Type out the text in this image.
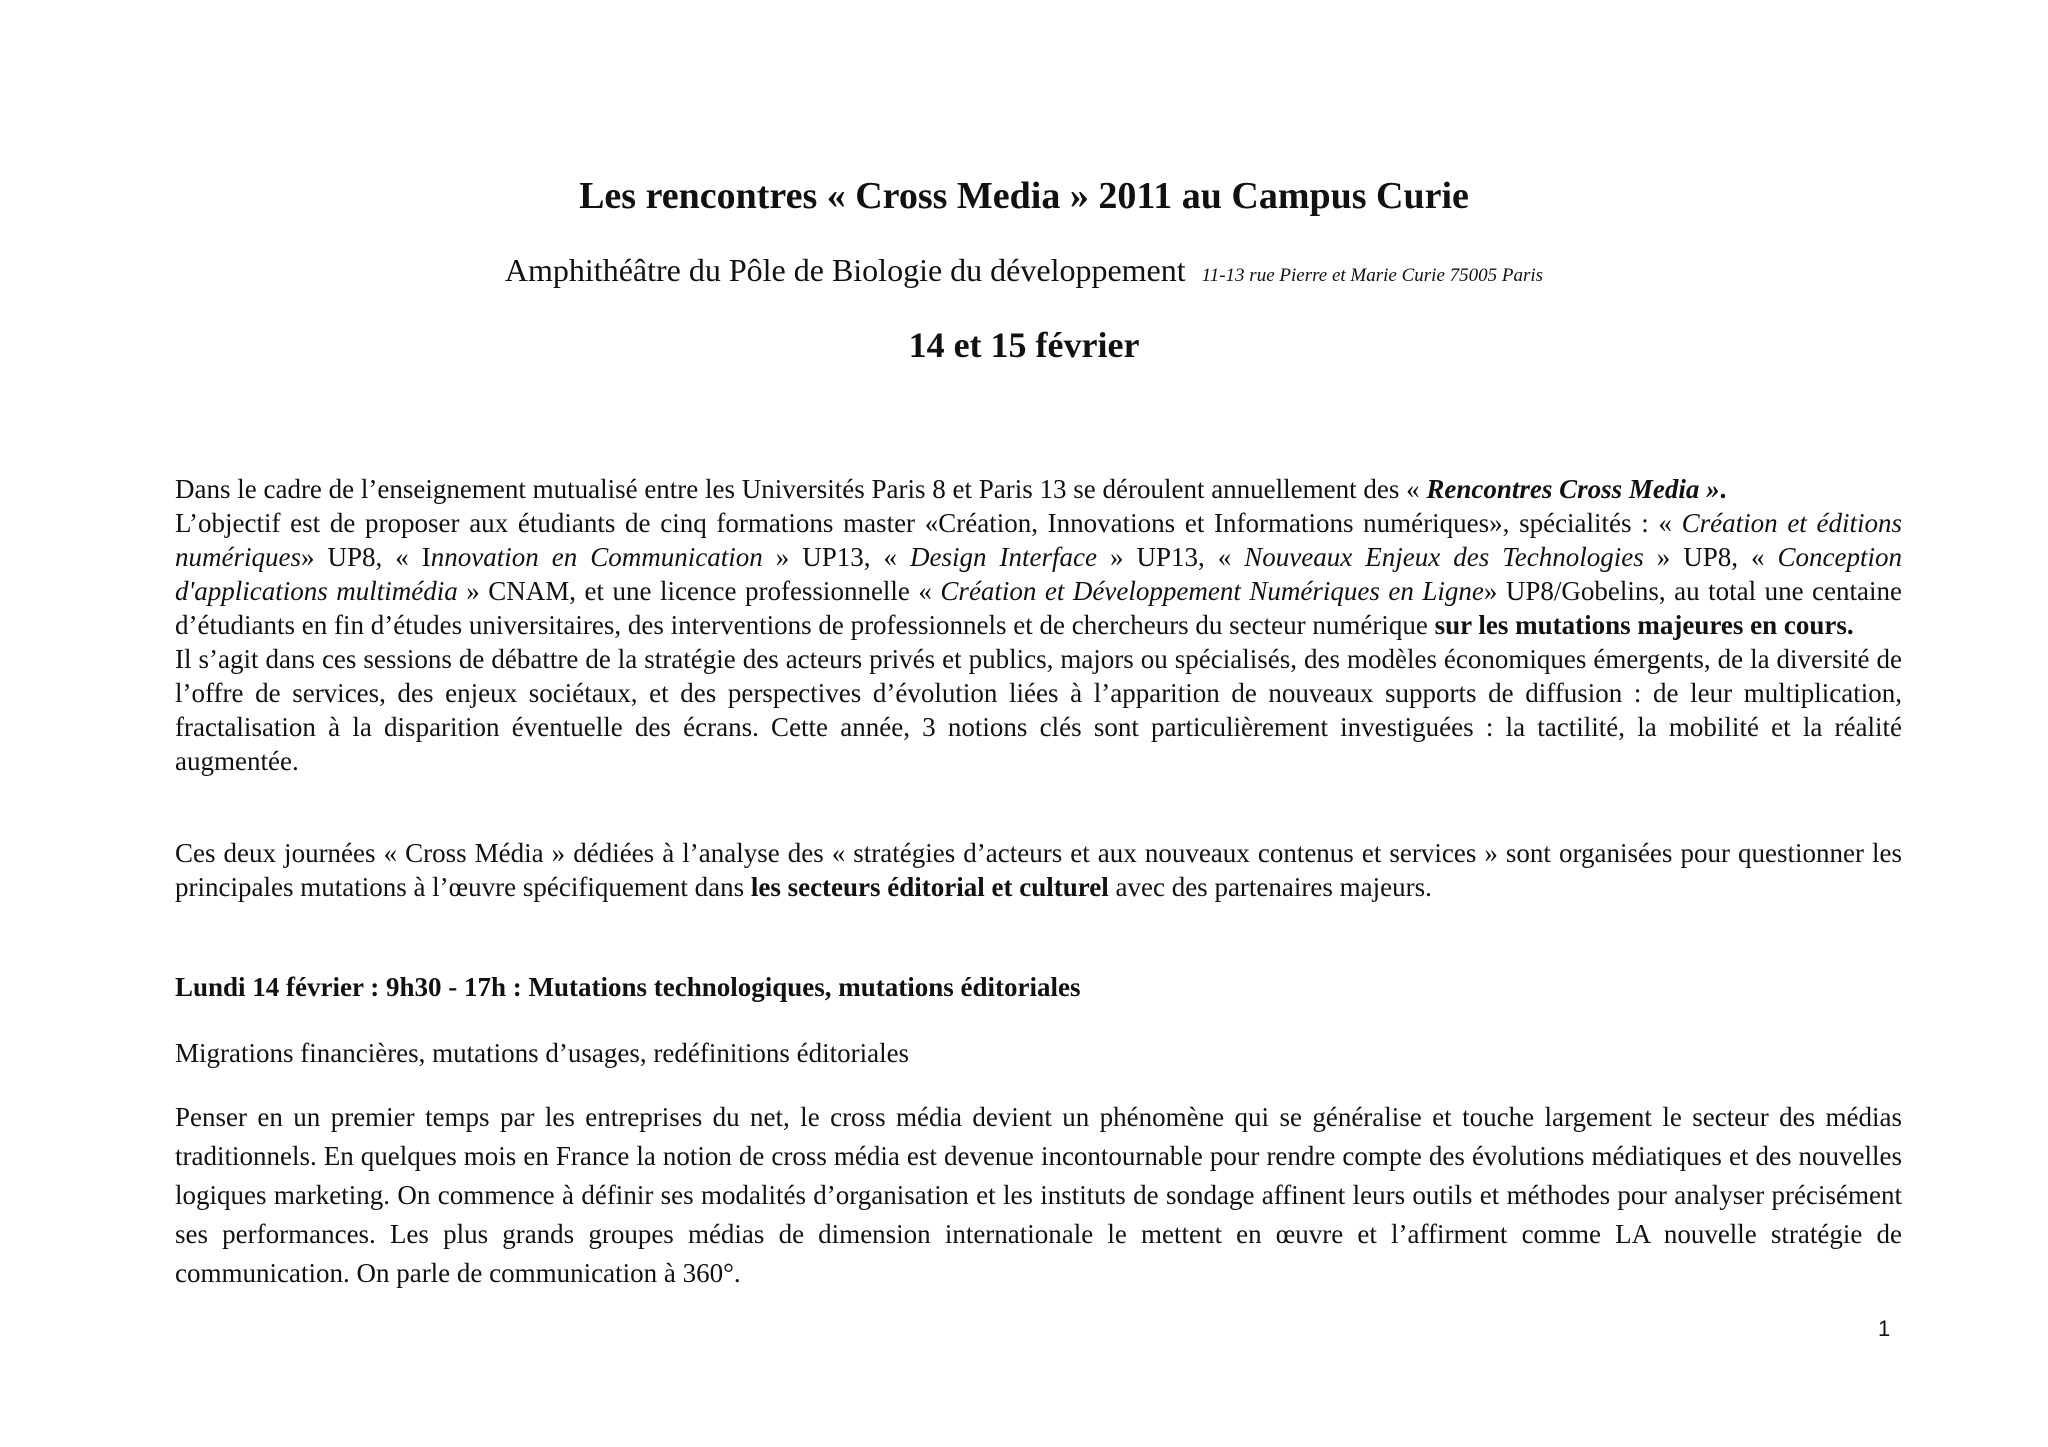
Les rencontres « Cross Media » 2011 au Campus Curie

Amphithéâtre du Pôle de Biologie du développement 11-13 rue Pierre et Marie Curie 75005 Paris

14 et 15 février

Dans le cadre de l’enseignement mutualisé entre les Universités Paris 8 et Paris 13 se déroulent annuellement des « Rencontres Cross Media ».
L’objectif est de proposer aux étudiants de cinq formations master «Création, Innovations et Informations numériques», spécialités : « Création et éditions numériques» UP8, « Innovation en Communication » UP13, « Design Interface » UP13, « Nouveaux Enjeux des Technologies » UP8, « Conception d'applications multimédia » CNAM, et une licence professionnelle « Création et Développement Numériques en Ligne» UP8/Gobelins, au total une centaine d’étudiants en fin d’études universitaires, des interventions de professionnels et de chercheurs du secteur numérique sur les mutations majeures en cours.
Il s’agit dans ces sessions de débattre de la stratégie des acteurs privés et publics, majors ou spécialisés, des modèles économiques émergents, de la diversité de l’offre de services, des enjeux sociétaux, et des perspectives d’évolution liées à l’apparition de nouveaux supports de diffusion : de leur multiplication, fractalisation à la disparition éventuelle des écrans. Cette année, 3 notions clés sont particulièrement investiguées : la tactilité, la mobilité et la réalité augmentée.

Ces deux journées « Cross Média » dédiées à l’analyse des « stratégies d’acteurs et aux nouveaux contenus et services » sont organisées pour questionner les principales mutations à l’œuvre spécifiquement dans les secteurs éditorial et culturel avec des partenaires majeurs.

Lundi 14 février : 9h30 - 17h : Mutations technologiques, mutations éditoriales

Migrations financières, mutations d’usages, redéfinitions éditoriales

Penser en un premier temps par les entreprises du net, le cross média devient un phénomène qui se généralise et touche largement le secteur des médias traditionnels. En quelques mois en France la notion de cross média est devenue incontournable pour rendre compte des évolutions médiatiques et des nouvelles logiques marketing. On commence à définir ses modalités d’organisation et les instituts de sondage affinent leurs outils et méthodes pour analyser précisément ses performances. Les plus grands groupes médias de dimension internationale le mettent en œuvre et l’affirment comme LA nouvelle stratégie de communication. On parle de communication à 360°.

1
